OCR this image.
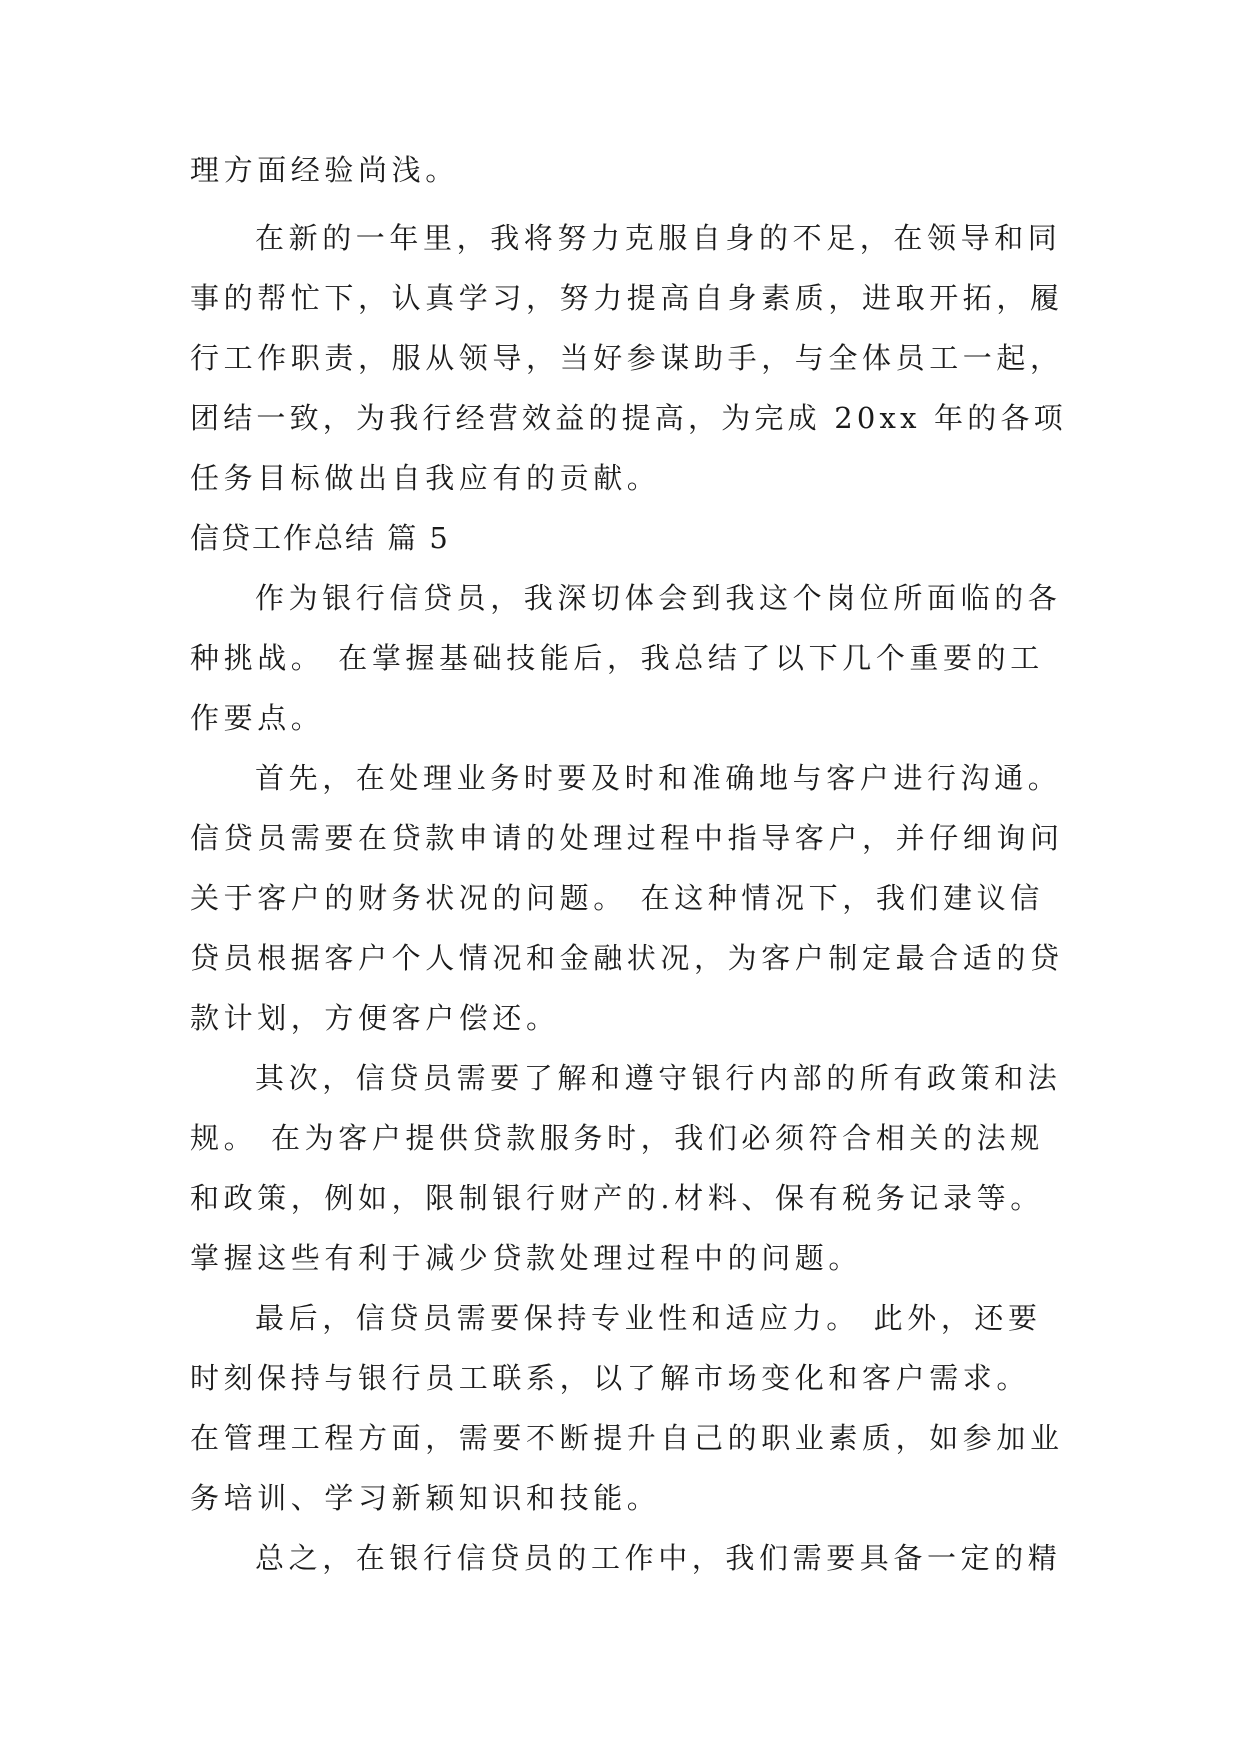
理方面经验尚浅。
在新的一年里，我将努力克服自身的不足，在领导和同
事的帮忙下，认真学习，努力提高自身素质，进取开拓，履
行工作职责，服从领导，当好参谋助手，与全体员工一起，
团结一致，为我行经营效益的提高，为完成 20xx 年的各项
任务目标做出自我应有的贡献。
信贷工作总结 篇 5
作为银行信贷员，我深切体会到我这个岗位所面临的各
种挑战。 在掌握基础技能后，我总结了以下几个重要的工
作要点。
首先，在处理业务时要及时和准确地与客户进行沟通。
信贷员需要在贷款申请的处理过程中指导客户，并仔细询问
关于客户的财务状况的问题。 在这种情况下，我们建议信
贷员根据客户个人情况和金融状况，为客户制定最合适的贷
款计划，方便客户偿还。
其次，信贷员需要了解和遵守银行内部的所有政策和法
规。 在为客户提供贷款服务时，我们必须符合相关的法规
和政策，例如，限制银行财产的.材料、保有税务记录等。
掌握这些有利于减少贷款处理过程中的问题。
最后，信贷员需要保持专业性和适应力。 此外，还要
时刻保持与银行员工联系，以了解市场变化和客户需求。
在管理工程方面，需要不断提升自己的职业素质，如参加业
务培训、学习新颖知识和技能。
总之，在银行信贷员的工作中，我们需要具备一定的精
